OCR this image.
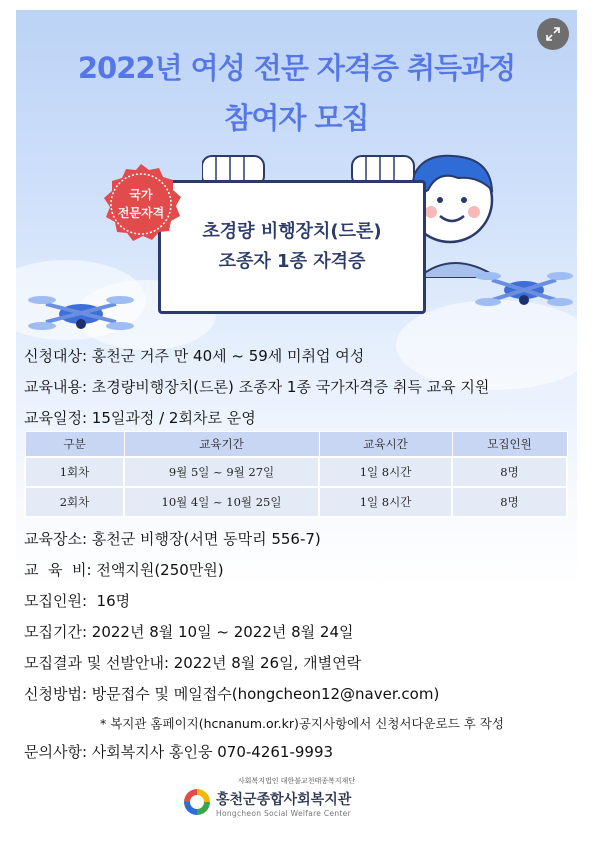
2022년 여성 전문 자격증 취득과정
참여자 모집
초경량 비행장치(드론)
조종자 1종 자격증
국가
전문자격
신청대상: 홍천군 거주 만 40세 ~ 59세 미취업 여성
교육내용: 초경량비행장치(드론) 조종자 1종 국가자격증 취득 교육 지원
교육일정: 15일과정 / 2회차로 운영
구분	교육기간	교육시간	모집인원
1회차	9월 5일 ~ 9월 27일	1일 8시간	8명
2회차	10월 4일 ~ 10월 25일	1일 8시간	8명
교육장소: 홍천군 비행장(서면 동막리 556-7)
교  육  비: 전액지원(250만원)
모집인원:  16명
모집기간: 2022년 8월 10일 ~ 2022년 8월 24일
모집결과 및 선발안내: 2022년 8월 26일, 개별연락
신청방법: 방문접수 및 메일접수(hongcheon12@naver.com)
* 복지관 홈페이지(hcnanum.or.kr)공지사항에서 신청서다운로드 후 작성
문의사항: 사회복지사 홍인웅 070-4261-9993
사회복지법인 대한불교천태종복지재단
홍천군종합사회복지관
Hongcheon Social Welfare Center
